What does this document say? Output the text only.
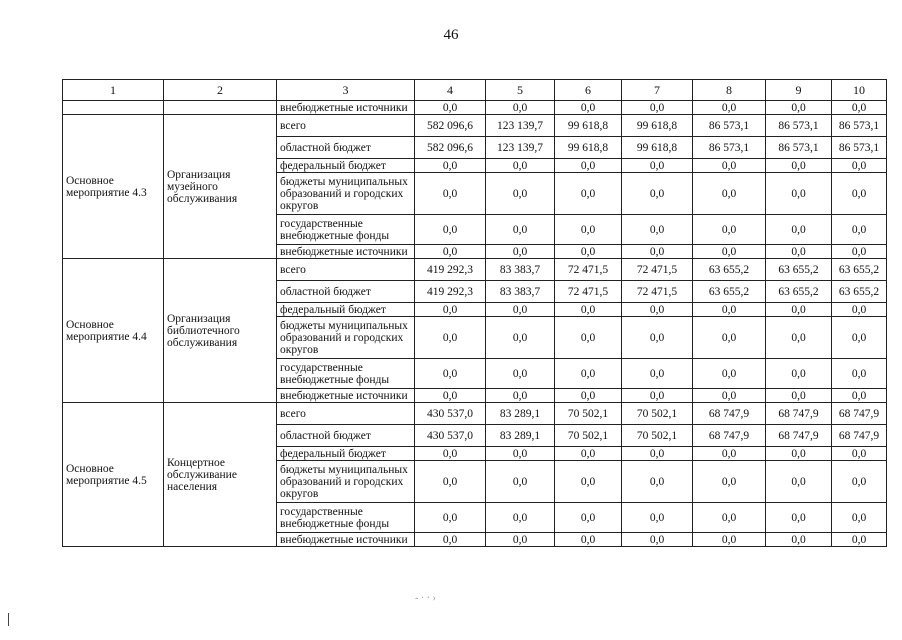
46
1	2	3	4	5	6	7	8	9	10
		внебюджетные источники	0,0	0,0	0,0	0,0	0,0	0,0	0,0
Основное мероприятие 4.3	Организация музейного обслуживания	всего	582 096,6	123 139,7	99 618,8	99 618,8	86 573,1	86 573,1	86 573,1
		областной бюджет	582 096,6	123 139,7	99 618,8	99 618,8	86 573,1	86 573,1	86 573,1
		федеральный бюджет	0,0	0,0	0,0	0,0	0,0	0,0	0,0
		бюджеты муниципальных образований и городских округов	0,0	0,0	0,0	0,0	0,0	0,0	0,0
		государственные внебюджетные фонды	0,0	0,0	0,0	0,0	0,0	0,0	0,0
		внебюджетные источники	0,0	0,0	0,0	0,0	0,0	0,0	0,0
Основное мероприятие 4.4	Организация библиотечного обслуживания	всего	419 292,3	83 383,7	72 471,5	72 471,5	63 655,2	63 655,2	63 655,2
		областной бюджет	419 292,3	83 383,7	72 471,5	72 471,5	63 655,2	63 655,2	63 655,2
		федеральный бюджет	0,0	0,0	0,0	0,0	0,0	0,0	0,0
		бюджеты муниципальных образований и городских округов	0,0	0,0	0,0	0,0	0,0	0,0	0,0
		государственные внебюджетные фонды	0,0	0,0	0,0	0,0	0,0	0,0	0,0
		внебюджетные источники	0,0	0,0	0,0	0,0	0,0	0,0	0,0
Основное мероприятие 4.5	Концертное обслуживание населения	всего	430 537,0	83 289,1	70 502,1	70 502,1	68 747,9	68 747,9	68 747,9
		областной бюджет	430 537,0	83 289,1	70 502,1	70 502,1	68 747,9	68 747,9	68 747,9
		федеральный бюджет	0,0	0,0	0,0	0,0	0,0	0,0	0,0
		бюджеты муниципальных образований и городских округов	0,0	0,0	0,0	0,0	0,0	0,0	0,0
		государственные внебюджетные фонды	0,0	0,0	0,0	0,0	0,0	0,0	0,0
		внебюджетные источники	0,0	0,0	0,0	0,0	0,0	0,0	0,0
‐ · · ›
